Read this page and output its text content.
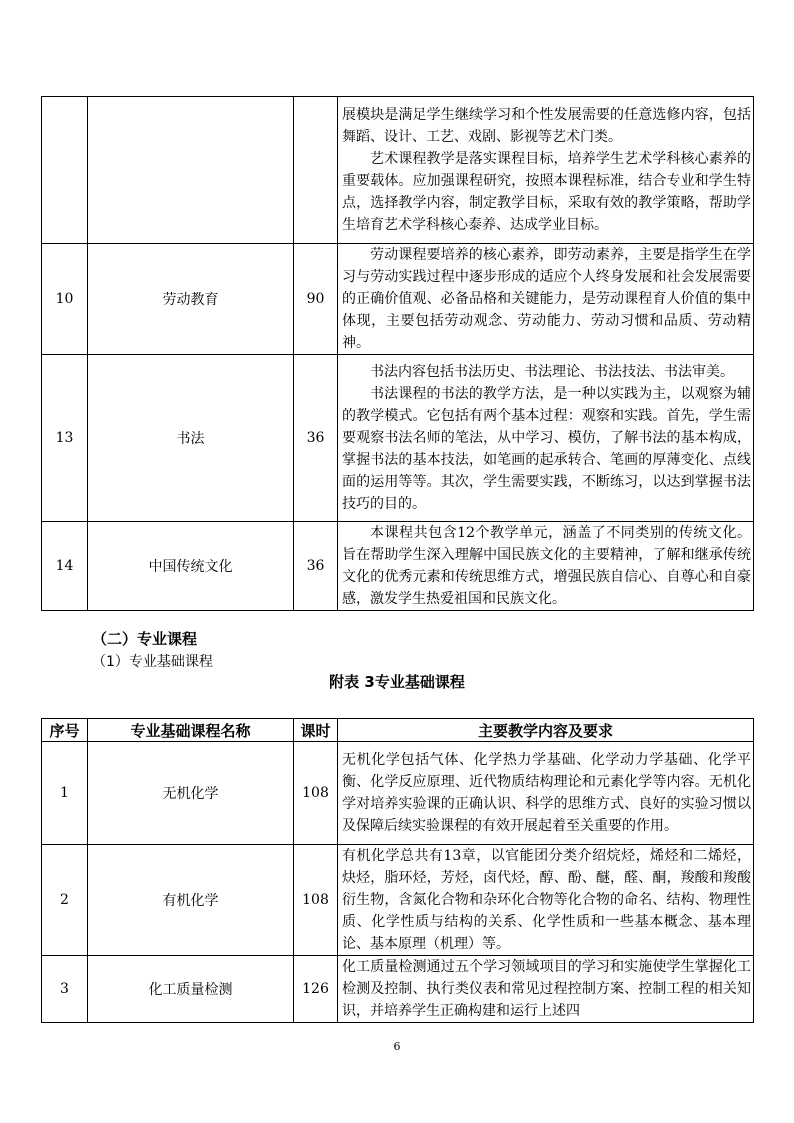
			展模块是满足学生继续学习和个性发展需要的任意选修内容，包括舞蹈、设计、工艺、戏剧、影视等艺术门类。

艺术课程教学是落实课程目标，培养学生艺术学科核心素养的重要载体。应加强课程研究，按照本课程标准，结合专业和学生特点，选择教学内容，制定教学目标，采取有效的教学策略，帮助学生培育艺术学科核心泰养、达成学业目标。

10	劳动教育	90	劳动课程要培养的核心素养，即劳动素养，主要是指学生在学习与劳动实践过程中逐步形成的适应个人终身发展和社会发展需要的正确价值观、必备品格和关键能力，是劳动课程育人价值的集中体现，主要包括劳动观念、劳动能力、劳动习惯和品质、劳动精神。

13	书法	36	书法内容包括书法历史、书法理论、书法技法、书法审美。

书法课程的书法的教学方法，是一种以实践为主，以观察为辅的教学模式。它包括有两个基本过程：观察和实践。首先，学生需要观察书法名师的笔法，从中学习、模仿，了解书法的基本构成，掌握书法的基本技法，如笔画的起承转合、笔画的厚薄变化、点线面的运用等等。其次，学生需要实践，不断练习，以达到掌握书法技巧的目的。

14	中国传统文化	36	本课程共包含12个教学单元，涵盖了不同类别的传统文化。旨在帮助学生深入理解中国民族文化的主要精神，了解和继承传统文化的优秀元素和传统思维方式，增强民族自信心、自尊心和自豪感，激发学生热爱祖国和民族文化。

（二）专业课程
（1）专业基础课程
附表 3专业基础课程
序号	专业基础课程名称	课时	主要教学内容及要求
1	无机化学	108	无机化学包括气体、化学热力学基础、化学动力学基础、化学平衡、化学反应原理、近代物质结构理论和元素化学等内容。无机化学对培养实验课的正确认识、科学的思维方式、良好的实验习惯以及保障后续实验课程的有效开展起着至关重要的作用。
2	有机化学	108	有机化学总共有13章，以官能团分类介绍烷烃，烯烃和二烯烃，炔烃，脂环烃，芳烃，卤代烃，醇、酚、醚，醛、酮，羧酸和羧酸衍生物，含氮化合物和杂环化合物等化合物的命名、结构、物理性质、化学性质与结构的关系、化学性质和一些基本概念、基本理论、基本原理（机理）等。
3	化工质量检测	126	化工质量检测通过五个学习领域项目的学习和实施使学生掌握化工检测及控制、执行类仪表和常见过程控制方案、控制工程的相关知识，并培养学生正确构建和运行上述四
6
